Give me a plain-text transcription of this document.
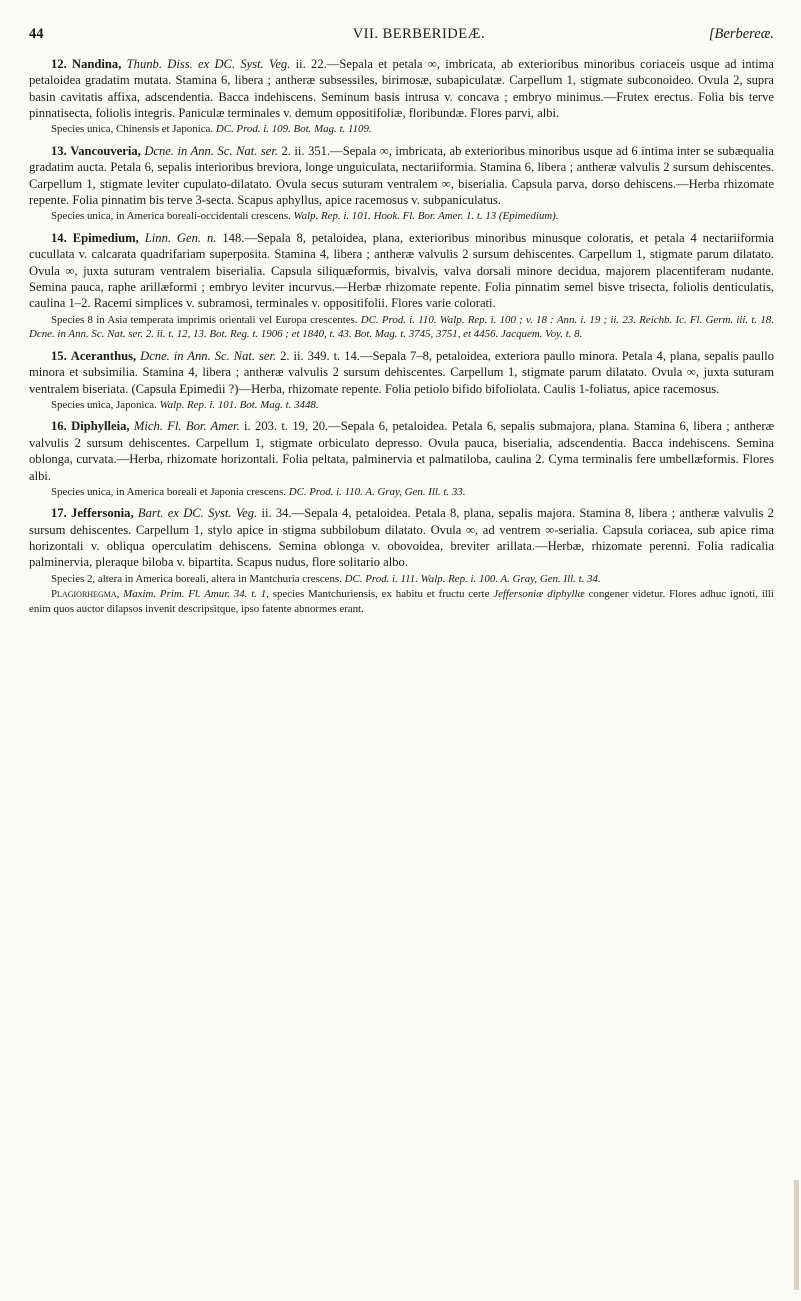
44	VII. BERBERIDEÆ.	[Berbereæ.

12. Nandina, Thunb. Diss. ex DC. Syst. Veg. ii. 22.—Sepala et petala ∞, imbricata, ab exterioribus minoribus coriaceis usque ad intima petaloidea gradatim mutata. Stamina 6, libera ; antheræ subsessiles, birimosæ, subapiculatæ. Carpellum 1, stigmate subconoideo. Ovula 2, supra basin cavitatis affixa, adscendentia. Bacca indehiscens. Seminum basis intrusa v. concava ; embryo minimus.—Frutex erectus. Folia bis terve pinnatisecta, foliolis integris. Paniculæ terminales v. demum oppositifoliæ, floribundæ. Flores parvi, albi.

Species unica, Chinensis et Japonica. DC. Prod. i. 109. Bot. Mag. t. 1109.

13. Vancouveria, Dcne. in Ann. Sc. Nat. ser. 2. ii. 351.—Sepala ∞, imbricata, ab exterioribus minoribus usque ad 6 intima inter se subæqualia gradatim aucta. Petala 6, sepalis interioribus breviora, longe unguiculata, nectariiformia. Stamina 6, libera ; antheræ valvulis 2 sursum dehiscentes. Carpellum 1, stigmate leviter cupulato-dilatato. Ovula secus suturam ventralem ∞, biserialia. Capsula parva, dorso dehiscens.—Herba rhizomate repente. Folia pinnatim bis terve 3-secta. Scapus aphyllus, apice racemosus v. subpaniculatus.

Species unica, in America boreali-occidentali crescens. Walp. Rep. i. 101. Hook. Fl. Bor. Amer. 1. t. 13 (Epimedium).

14. Epimedium, Linn. Gen. n. 148.—Sepala 8, petaloidea, plana, exterioribus minoribus minusque coloratis, et petala 4 nectariiformia cucullata v. calcarata quadrifariam superposita. Stamina 4, libera ; antheræ valvulis 2 sursum dehiscentes. Carpellum 1, stigmate parum dilatato. Ovula ∞, juxta suturam ventralem biserialia. Capsula siliquæformis, bivalvis, valva dorsali minore decidua, majorem placentiferam nudante. Semina pauca, raphe arillæformi ; embryo leviter incurvus.—Herbæ rhizomate repente. Folia pinnatim semel bisve trisecta, foliolis denticulatis, caulina 1–2. Racemi simplices v. subramosi, terminales v. oppositifolii. Flores varie colorati.

Species 8 in Asia temperata imprimis orientali vel Europa crescentes. DC. Prod. i. 110. Walp. Rep. i. 100 ; v. 18 : Ann. i. 19 ; ii. 23. Reichb. Ic. Fl. Germ. iii. t. 18. Dcne. in Ann. Sc. Nat. ser. 2. ii. t. 12, 13. Bot. Reg. t. 1906 ; et 1840, t. 43. Bot. Mag. t. 3745, 3751, et 4456. Jacquem. Voy. t. 8.

15. Aceranthus, Dcne. in Ann. Sc. Nat. ser. 2. ii. 349. t. 14.—Sepala 7–8, petaloidea, exteriora paullo minora. Petala 4, plana, sepalis paullo minora et subsimilia. Stamina 4, libera ; antheræ valvulis 2 sursum dehiscentes. Carpellum 1, stigmate parum dilatato. Ovula ∞, juxta suturam ventralem biseriata. (Capsula Epimedii ?)—Herba, rhizomate repente. Folia petiolo bifido bifoliolata. Caulis 1-foliatus, apice racemosus.

Species unica, Japonica. Walp. Rep. i. 101. Bot. Mag. t. 3448.

16. Diphylleia, Mich. Fl. Bor. Amer. i. 203. t. 19, 20.—Sepala 6, petaloidea. Petala 6, sepalis submajora, plana. Stamina 6, libera ; antheræ valvulis 2 sursum dehiscentes. Carpellum 1, stigmate orbiculato depresso. Ovula pauca, biserialia, adscendentia. Bacca indehiscens. Semina oblonga, curvata.—Herba, rhizomate horizontali. Folia peltata, palminervia et palmatiloba, caulina 2. Cyma terminalis fere umbellæformis. Flores albi.

Species unica, in America boreali et Japonia crescens. DC. Prod. i. 110. A. Gray, Gen. Ill. t. 33.

17. Jeffersonia, Bart. ex DC. Syst. Veg. ii. 34.—Sepala 4, petaloidea. Petala 8, plana, sepalis majora. Stamina 8, libera ; antheræ valvulis 2 sursum dehiscentes. Carpellum 1, stylo apice in stigma subbilobum dilatato. Ovula ∞, ad ventrem ∞-serialia. Capsula coriacea, sub apice rima horizontali v. obliqua operculatim dehiscens. Semina oblonga v. obovoidea, breviter arillata.—Herbæ, rhizomate perenni. Folia radicalia palminervia, pleraque biloba v. bipartita. Scapus nudus, flore solitario albo.

Species 2, altera in America boreali, altera in Mantchuria crescens. DC. Prod. i. 111. Walp. Rep. i. 100. A. Gray, Gen. Ill. t. 34.

Plagiorhegma, Maxim. Prim. Fl. Amur. 34. t. 1, species Mantchuriensis, ex habitu et fructu certe Jeffersoniæ diphyllæ congener videtur. Flores adhuc ignoti, illi enim quos auctor dilapsos invenit descripsitque, ipso fatente abnormes erant.
